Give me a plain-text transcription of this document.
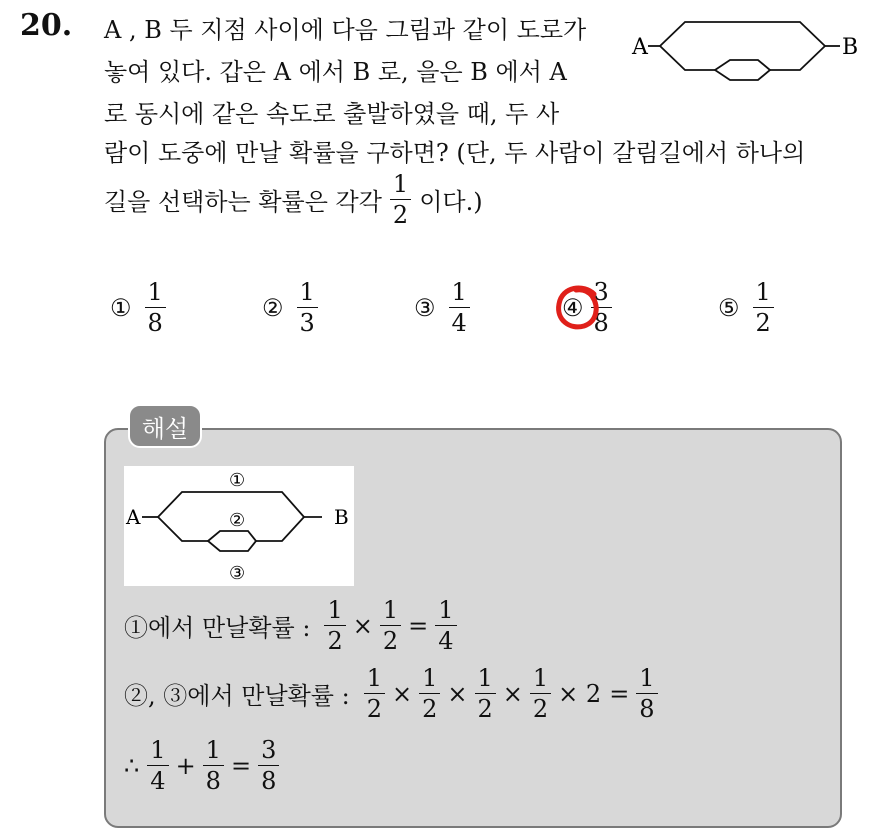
20. A , B 두 지점 사이에 다음 그림과 같이 도로가
놓여 있다. 갑은 A 에서 B 로, 을은 B 에서 A
로 동시에 같은 속도로 출발하였을 때, 두 사
람이 도중에 만날 확률을 구하면? (단, 두 사람이 갈림길에서 하나의
길을 선택하는 확률은 각각 $\frac{1}{2}$ 이다.)
A	B
① $\frac{1}{8}$	② $\frac{1}{3}$	③ $\frac{1}{4}$	④ $\frac{3}{8}$	⑤ $\frac{1}{2}$
해설
A	B
①
②
③
①에서 만날확률 : $\frac{1}{2} \times \frac{1}{2} = \frac{1}{4}$
②, ③에서 만날확률 : $\frac{1}{2} \times \frac{1}{2} \times \frac{1}{2} \times \frac{1}{2} \times 2 = \frac{1}{8}$
∴ $\frac{1}{4} + \frac{1}{8} = \frac{3}{8}$
